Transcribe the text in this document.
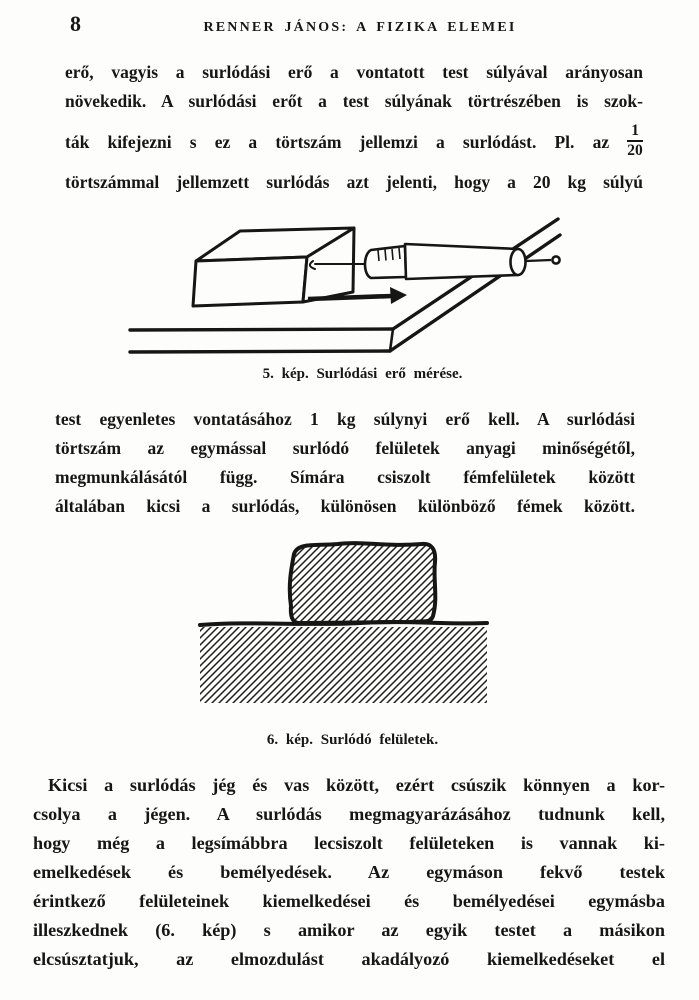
8	RENNER JÁNOS: A FIZIKA ELEMEI
erő, vagyis a surlódási erő a vontatott test súlyával arányosan
növekedik. A surlódási erőt a test súlyának törtrészében is szok-
ták kifejezni s ez a törtszám jellemzi a surlódást. Pl. az $\frac{1}{20}$
törtszámmal jellemzett surlódás azt jelenti, hogy a 20 kg súlyú
5. kép. Surlódási erő mérése.
test egyenletes vontatásához 1 kg súlynyi erő kell. A surlódási
törtszám az egymással surlódó felületek anyagi minőségétől,
megmunkálásától függ. Símára csiszolt fémfelületek között
általában kicsi a surlódás, különösen különböző fémek között.
6. kép. Surlódó felületek.
Kicsi a surlódás jég és vas között, ezért csúszik könnyen a kor-
csolya a jégen. A surlódás megmagyarázásához tudnunk kell,
hogy még a legsímábbra lecsiszolt felületeken is vannak ki-
emelkedések és bemélyedések. Az egymáson fekvő testek
érintkező felületeinek kiemelkedései és bemélyedései egymásba
illeszkednek (6. kép) s amikor az egyik testet a másikon
elcsúsztatjuk, az elmozdulást akadályozó kiemelkedéseket el
